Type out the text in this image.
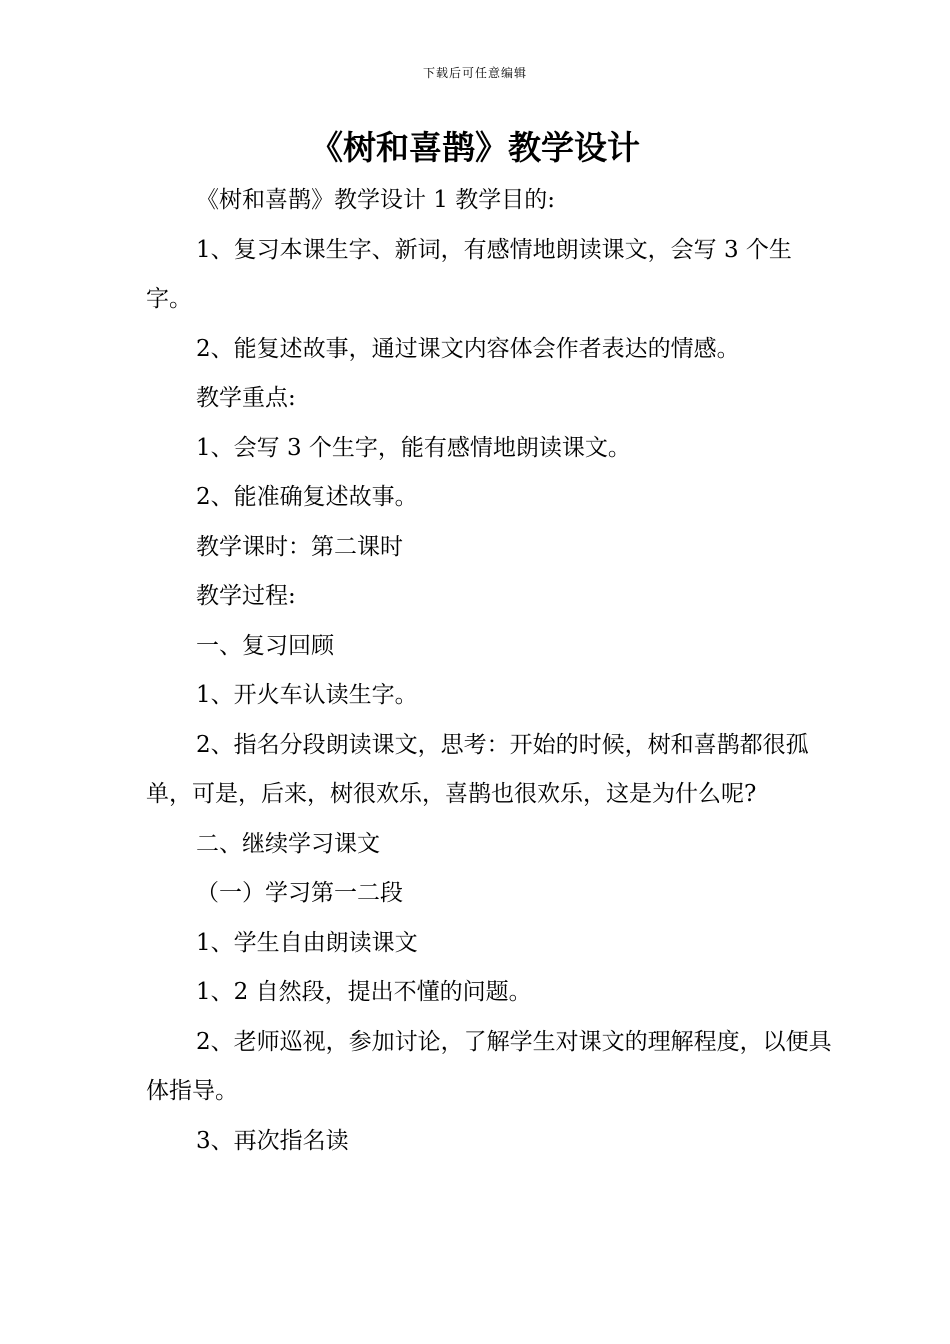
下载后可任意编辑
《树和喜鹊》教学设计

《树和喜鹊》教学设计 1 教学目的:

1、复习本课生字、新词，有感情地朗读课文，会写 3 个生字。

2、能复述故事，通过课文内容体会作者表达的情感。

教学重点:

1、会写 3 个生字，能有感情地朗读课文。

2、能准确复述故事。

教学课时：第二课时

教学过程:

一、复习回顾

1、开火车认读生字。

2、指名分段朗读课文，思考：开始的时候，树和喜鹊都很孤单，可是，后来，树很欢乐，喜鹊也很欢乐，这是为什么呢?

二、继续学习课文

（一）学习第一二段

1、学生自由朗读课文

1、2 自然段，提出不懂的问题。

2、老师巡视，参加讨论，了解学生对课文的理解程度，以便具体指导。

3、再次指名读
